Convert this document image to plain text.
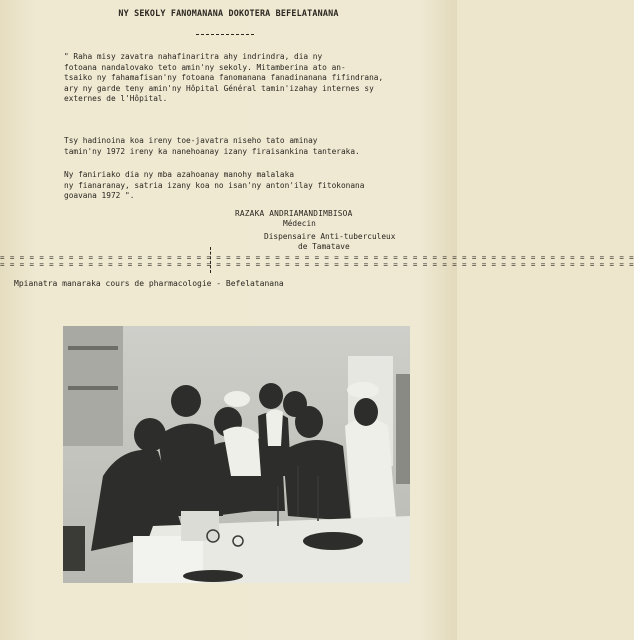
NY SEKOLY FANOMANANA DOKOTERA BEFELATANANA
" Raha misy zavatra nahafinaritra ahy indrindra, dia ny
fotoana nandalovako teto amin'ny sekoly. Mitamberina ato an-
tsaiko ny fahamafisan'ny fotoana fanomanana fanadinanana fifindrana,
ary ny garde teny amin'ny Hôpital Général tamin'izahay internes sy
externes de l'Hôpital.
Tsy hadinoina koa ireny toe-javatra niseho tato aminay
tamin'ny 1972 ireny ka nanehoanay izany firaisankina tanteraka.
Ny faniriako dia ny mba azahoanay manohy malalaka
ny fianaranay, satria izany koa no isan'ny anton'ilay fitokonana
goavana 1972 ".
RAZAKA ANDRIAMANDIMBISOA
Médecin
Dispensaire Anti-tuberculeux
de Tamatave
= = = = = = = = = = = = = = = = = = = = = = = = = = = = = = = = = = = = = = = = = = = = = = = = = = = = = = = = = = = = = = = = =
= = = = = = = = = = = = = = = = = = = = = = = = = = = = = = = = = = = = = = = = = = = = = = = = = = = = = = = = = = = = = = = = =
Mpianatra manaraka cours de pharmacologie - Befelatanana
